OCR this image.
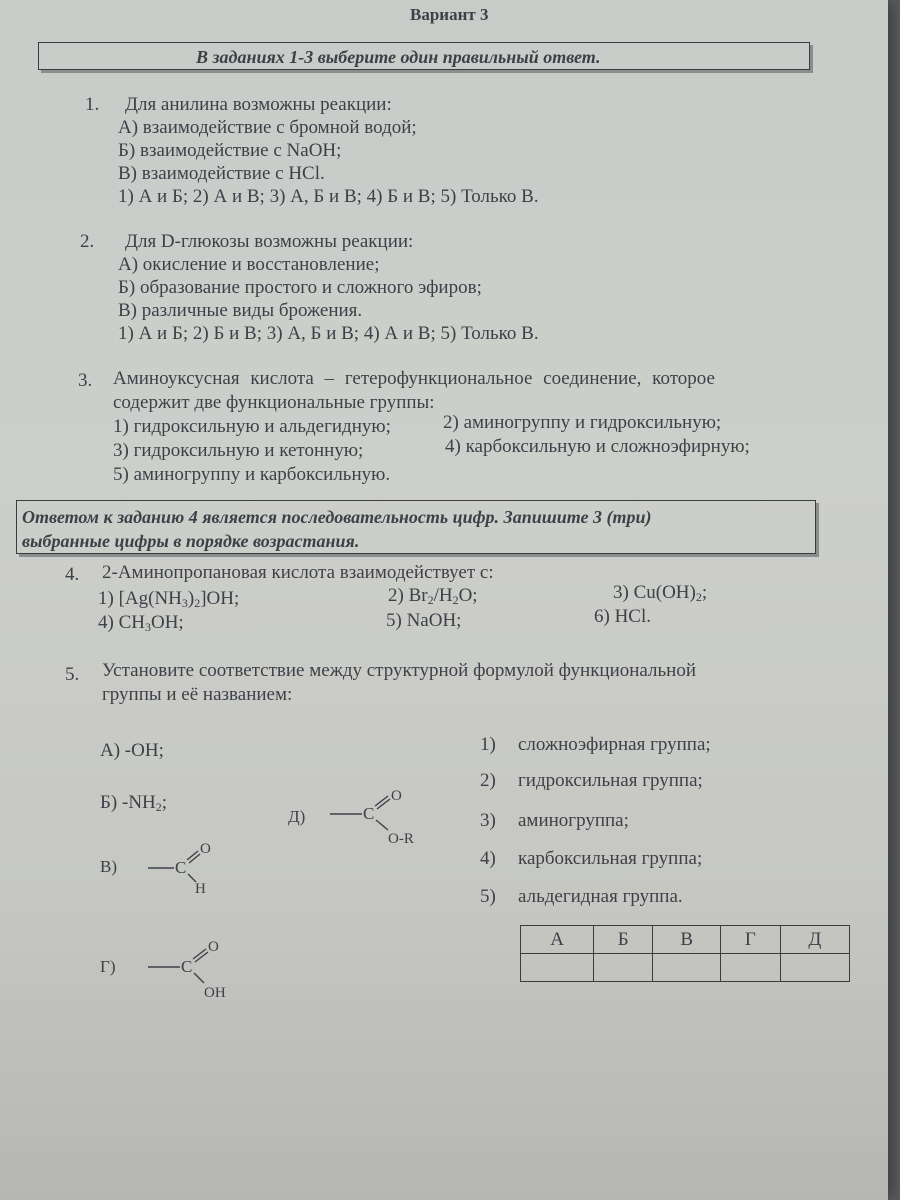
Вариант 3
В заданиях 1-3 выберите один правильный ответ.
1. Для анилина возможны реакции:
А) взаимодействие с бромной водой;
Б) взаимодействие с NaOH;
В) взаимодействие с HCl.
1) А и Б; 2) А и В; 3) А, Б и В; 4) Б и В; 5) Только В.
2. Для D-глюкозы возможны реакции:
А) окисление и восстановление;
Б) образование простого и сложного эфиров;
В) различные виды брожения.
1) А и Б; 2) Б и В; 3) А, Б и В; 4) А и В; 5) Только В.
3. Аминоуксусная кислота – гетерофункциональное соединение, которое
содержит две функциональные группы:
1) гидроксильную и альдегидную;	2) аминогруппу и гидроксильную;
3) гидроксильную и кетонную;	4) карбоксильную и сложноэфирную;
5) аминогруппу и карбоксильную.
Ответом к заданию 4 является последовательность цифр. Запишите 3 (три)
выбранные цифры в порядке возрастания.
4. 2-Аминопропановая кислота взаимодействует с:
1) $[Ag(NH_3)_2]OH$;	2) $Br_2/H_2O$;	3) $Cu(OH)_2$;
4) $CH_3OH$;	5) NaOH;	6) HCl.
5. Установите соответствие между структурной формулой функциональной
группы и её названием:
А) -OH;
Б) $-NH_2$;
В)	C
O
H
Г)	C
O
OH
Д)	C
O
O-R
1) сложноэфирная группа;
2) гидроксильная группа;
3) аминогруппа;
4) карбоксильная группа;
5) альдегидная группа.
А	Б	В	Г	Д
